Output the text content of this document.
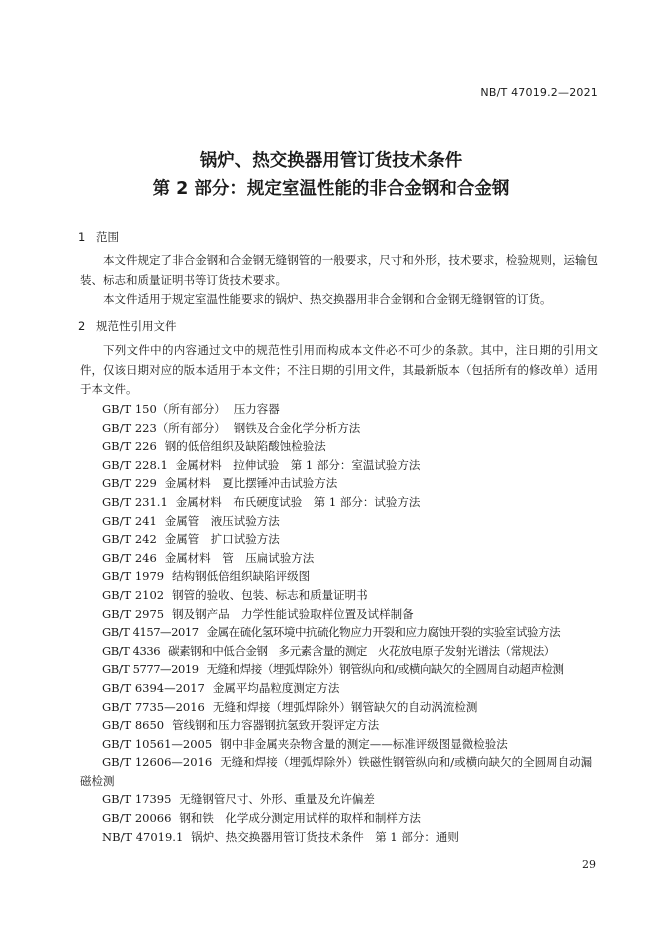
NB/T 47019.2—2021
锅炉、热交换器用管订货技术条件
第 2 部分：规定室温性能的非合金钢和合金钢
1 范围
本文件规定了非合金钢和合金钢无缝钢管的一般要求，尺寸和外形，技术要求，检验规则，运输包装、标志和质量证明书等订货技术要求。
本文件适用于规定室温性能要求的锅炉、热交换器用非合金钢和合金钢无缝钢管的订货。
2 规范性引用文件
下列文件中的内容通过文中的规范性引用而构成本文件必不可少的条款。其中，注日期的引用文件，仅该日期对应的版本适用于本文件；不注日期的引用文件，其最新版本（包括所有的修改单）适用于本文件。
GB/T 150（所有部分） 压力容器
GB/T 223（所有部分） 钢铁及合金化学分析方法
GB/T 226 钢的低倍组织及缺陷酸蚀检验法
GB/T 228.1 金属材料　拉伸试验　第 1 部分：室温试验方法
GB/T 229 金属材料　夏比摆锤冲击试验方法
GB/T 231.1 金属材料　布氏硬度试验　第 1 部分：试验方法
GB/T 241 金属管　液压试验方法
GB/T 242 金属管　扩口试验方法
GB/T 246 金属材料　管　压扁试验方法
GB/T 1979 结构钢低倍组织缺陷评级图
GB/T 2102 钢管的验收、包装、标志和质量证明书
GB/T 2975 钢及钢产品　力学性能试验取样位置及试样制备
GB/T 4157—2017 金属在硫化氢环境中抗硫化物应力开裂和应力腐蚀开裂的实验室试验方法
GB/T 4336 碳素钢和中低合金钢　多元素含量的测定　火花放电原子发射光谱法（常规法）
GB/T 5777—2019 无缝和焊接（埋弧焊除外）钢管纵向和/或横向缺欠的全圆周自动超声检测
GB/T 6394—2017 金属平均晶粒度测定方法
GB/T 7735—2016 无缝和焊接（埋弧焊除外）钢管缺欠的自动涡流检测
GB/T 8650 管线钢和压力容器钢抗氢致开裂评定方法
GB/T 10561—2005 钢中非金属夹杂物含量的测定——标准评级图显微检验法
GB/T 12606—2016 无缝和焊接（埋弧焊除外）铁磁性钢管纵向和/或横向缺欠的全圆周自动漏磁检测
GB/T 17395 无缝钢管尺寸、外形、重量及允许偏差
GB/T 20066 钢和铁　化学成分测定用试样的取样和制样方法
NB/T 47019.1 锅炉、热交换器用管订货技术条件　第 1 部分：通则
29
